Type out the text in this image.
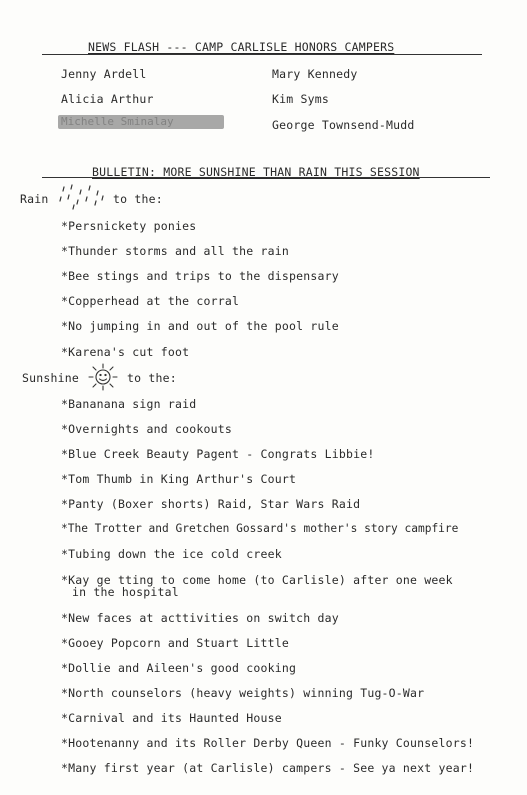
NEWS FLASH --- CAMP CARLISLE HONORS CAMPERS
Jenny Ardell
Alicia Arthur
Michelle Sminalay
Mary Kennedy
Kim Syms
George Townsend-Mudd
BULLETIN: MORE SUNSHINE THAN RAIN THIS SESSION
Rain	to the:
*Persnickety ponies
*Thunder storms and all the rain
*Bee stings and trips to the dispensary
*Copperhead at the corral
*No jumping in and out of the pool rule
*Karena's cut foot
Sunshine	to the:
*Bananana sign raid
*Overnights and cookouts
*Blue Creek Beauty Pagent - Congrats Libbie!
*Tom Thumb in King Arthur's Court
*Panty (Boxer shorts) Raid, Star Wars Raid
*The Trotter and Gretchen Gossard's mother's story campfire
*Tubing down the ice cold creek
*Kay ge tting to come home (to Carlisle) after one week
in the hospital
*New faces at acttivities on switch day
*Gooey Popcorn and Stuart Little
*Dollie and Aileen's good cooking
*North counselors (heavy weights) winning Tug-O-War
*Carnival and its Haunted House
*Hootenanny and its Roller Derby Queen - Funky Counselors!
*Many first year (at Carlisle) campers - See ya next year!
